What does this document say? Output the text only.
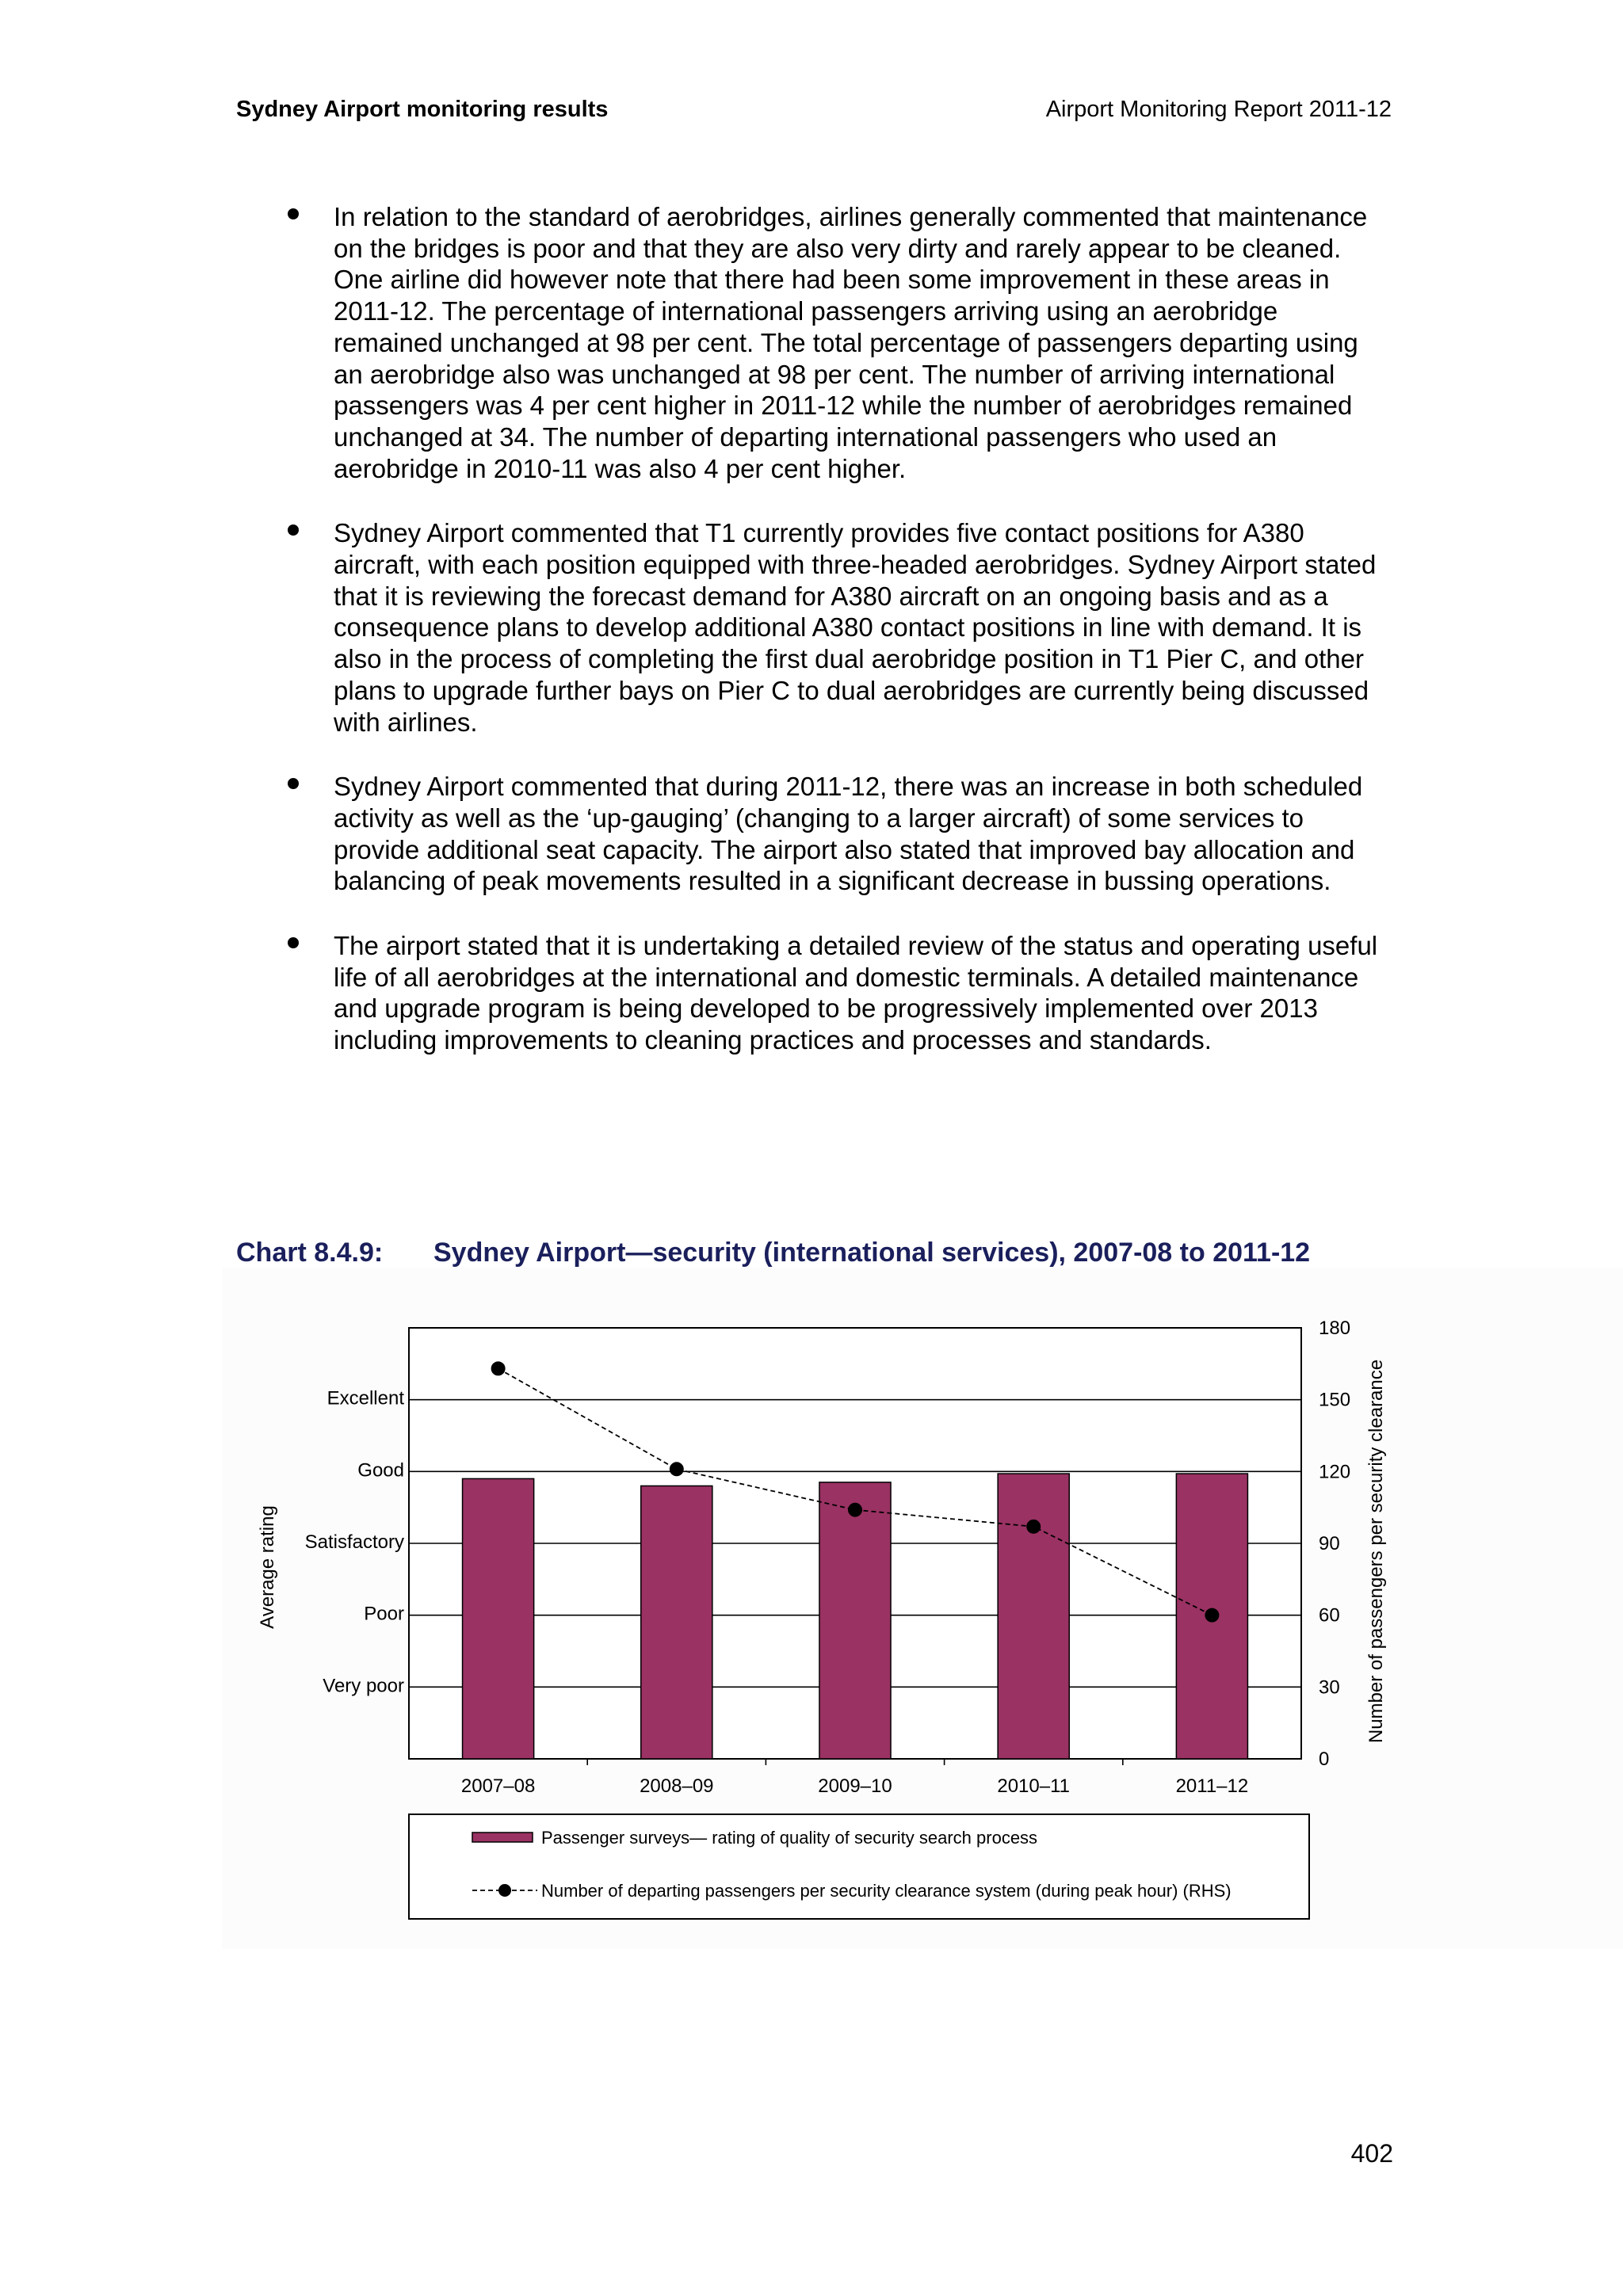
Sydney Airport monitoring results	Airport Monitoring Report 2011-12
In relation to the standard of aerobridges, airlines generally commented that maintenance on the bridges is poor and that they are also very dirty and rarely appear to be cleaned. One airline did however note that there had been some improvement in these areas in 2011-12. The percentage of international passengers arriving using an aerobridge remained unchanged at 98 per cent. The total percentage of passengers departing using an aerobridge also was unchanged at 98 per cent. The number of arriving international passengers was 4 per cent higher in 2011-12 while the number of aerobridges remained unchanged at 34. The number of departing international passengers who used an aerobridge in 2010-11 was also 4 per cent higher.
Sydney Airport commented that T1 currently provides five contact positions for A380 aircraft, with each position equipped with three-headed aerobridges. Sydney Airport stated that it is reviewing the forecast demand for A380 aircraft on an ongoing basis and as a consequence plans to develop additional A380 contact positions in line with demand. It is also in the process of completing the first dual aerobridge position in T1 Pier C, and other plans to upgrade further bays on Pier C to dual aerobridges are currently being discussed with airlines.
Sydney Airport commented that during 2011-12, there was an increase in both scheduled activity as well as the ‘up-gauging’ (changing to a larger aircraft) of some services to provide additional seat capacity. The airport also stated that improved bay allocation and balancing of peak movements resulted in a significant decrease in bussing operations.
The airport stated that it is undertaking a detailed review of the status and operating useful life of all aerobridges at the international and domestic terminals. A detailed maintenance and upgrade program is being developed to be progressively implemented over 2013 including improvements to cleaning practices and processes and standards.
Chart 8.4.9: Sydney Airport—security (international services), 2007-08 to 2011-12
Very poor
Poor
Satisfactory
Good
Excellent
0
30
60
90
120
150
180
2007–08	2008–09	2009–10	2010–11	2011–12
Average rating	Number of passengers per security clearance
Passenger surveys— rating of quality of security search process
Number of departing passengers per security clearance system (during peak hour) (RHS)
402
